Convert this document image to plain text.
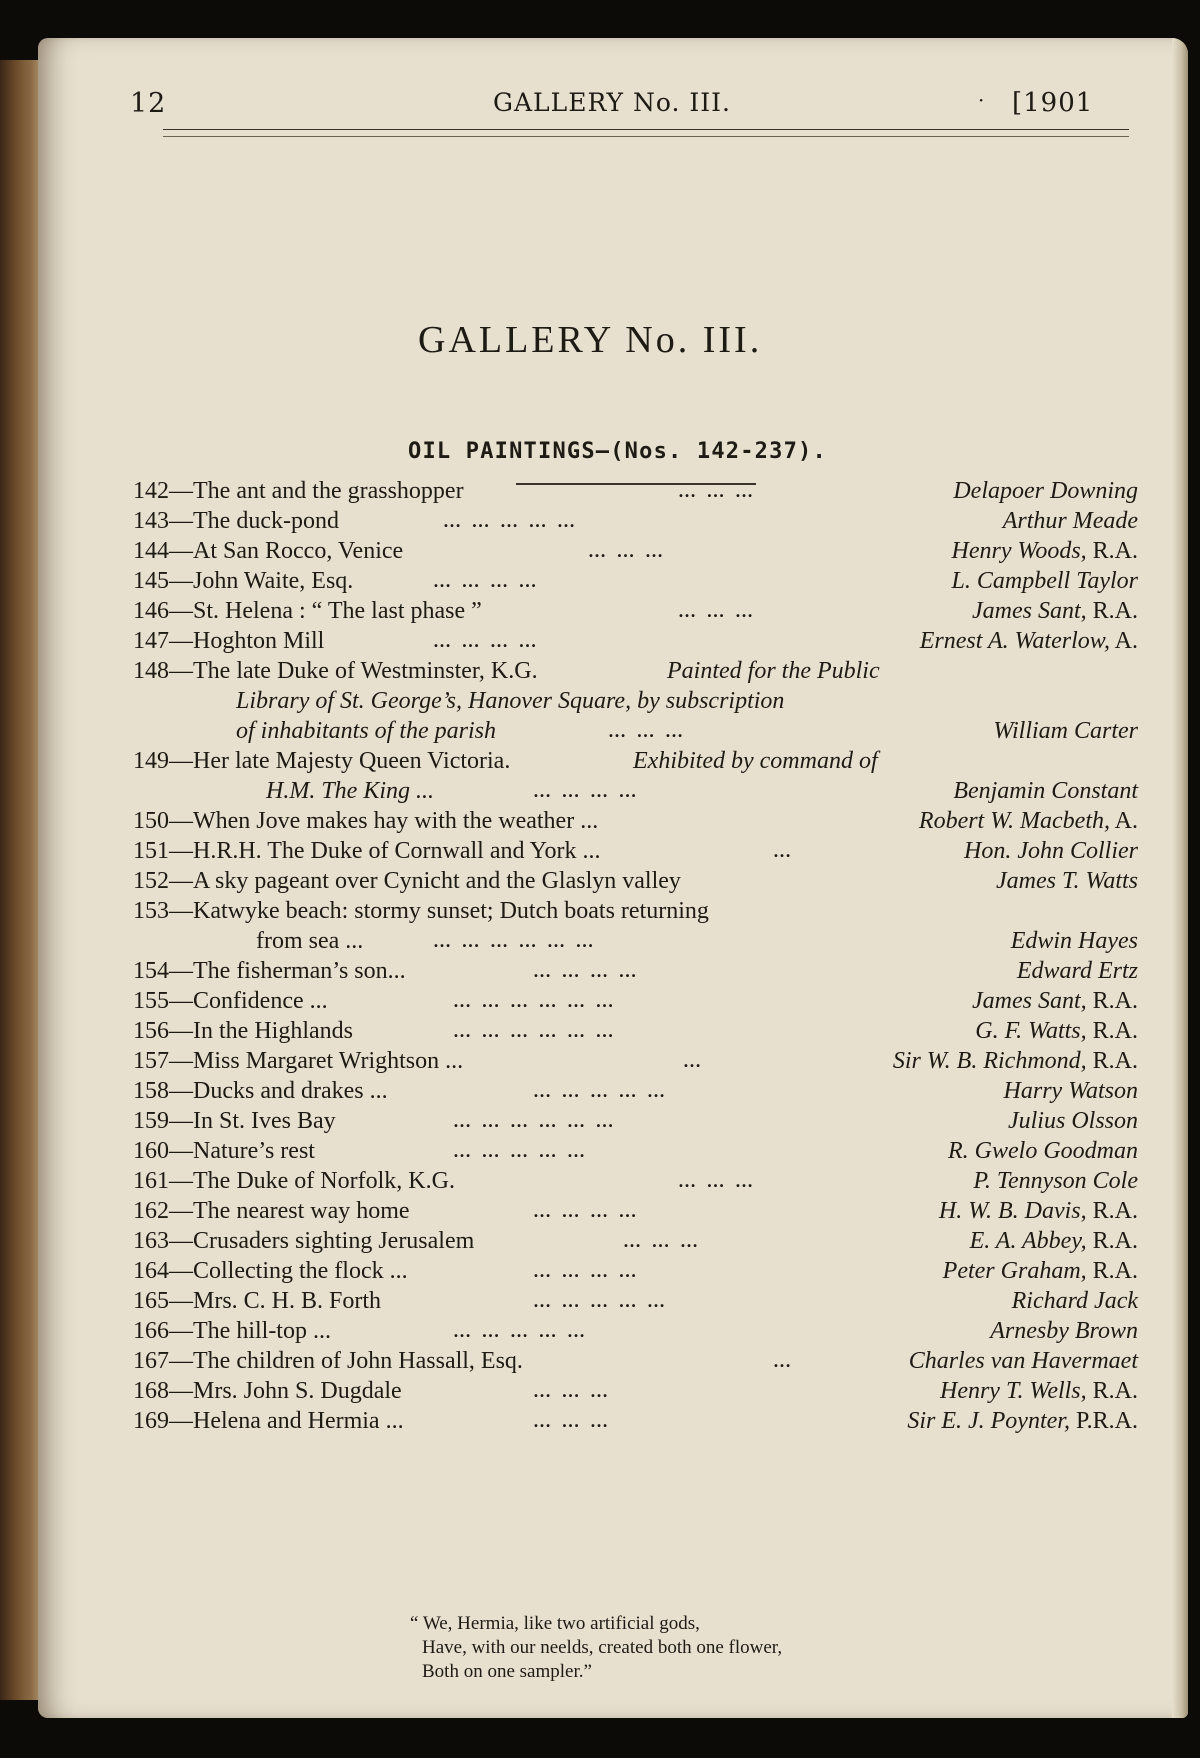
12	GALLERY No. III.	· [1901
GALLERY No. III.
OIL PAINTINGS—(Nos. 142-237).
142—The ant and the grasshopper	… … …	Delapoer Downing
143—The duck-pond	… … … … …	Arthur Meade
144—At San Rocco, Venice	… … …	Henry Woods, R.A.
145—John Waite, Esq.	… … … …	L. Campbell Taylor
146—St. Helena : “ The last phase ”	… … …	James Sant, R.A.
147—Hoghton Mill	… … … …	Ernest A. Waterlow, A.
148—The late Duke of Westminster, K.G.	Painted for the Public
Library of St. George’s, Hanover Square, by subscription
of inhabitants of the parish	… … …	William Carter
149—Her late Majesty Queen Victoria.	Exhibited by command of
H.M. The King ...	… … … …	Benjamin Constant
150—When Jove makes hay with the weather ...	Robert W. Macbeth, A.
151—H.R.H. The Duke of Cornwall and York ...	…	Hon. John Collier
152—A sky pageant over Cynicht and the Glaslyn valley	James T. Watts
153—Katwyke beach: stormy sunset; Dutch boats returning
from sea ...	… … … … … …	Edwin Hayes
154—The fisherman’s son...	… … … …	Edward Ertz
155—Confidence ...	… … … … … …	James Sant, R.A.
156—In the Highlands	… … … … … …	G. F. Watts, R.A.
157—Miss Margaret Wrightson ...	…	Sir W. B. Richmond, R.A.
158—Ducks and drakes ...	… … … … …	Harry Watson
159—In St. Ives Bay	… … … … … …	Julius Olsson
160—Nature’s rest	… … … … …	R. Gwelo Goodman
161—The Duke of Norfolk, K.G.	… … …	P. Tennyson Cole
162—The nearest way home	… … … …	H. W. B. Davis, R.A.
163—Crusaders sighting Jerusalem	… … …	E. A. Abbey, R.A.
164—Collecting the flock ...	… … … …	Peter Graham, R.A.
165—Mrs. C. H. B. Forth	… … … … …	Richard Jack
166—The hill-top ...	… … … … …	Arnesby Brown
167—The children of John Hassall, Esq.	…	Charles van Havermaet
168—Mrs. John S. Dugdale	… … …	Henry T. Wells, R.A.
169—Helena and Hermia ...	… … …	Sir E. J. Poynter, P.R.A.
“ We, Hermia, like two artificial gods,
Have, with our neelds, created both one flower,
Both on one sampler.”
